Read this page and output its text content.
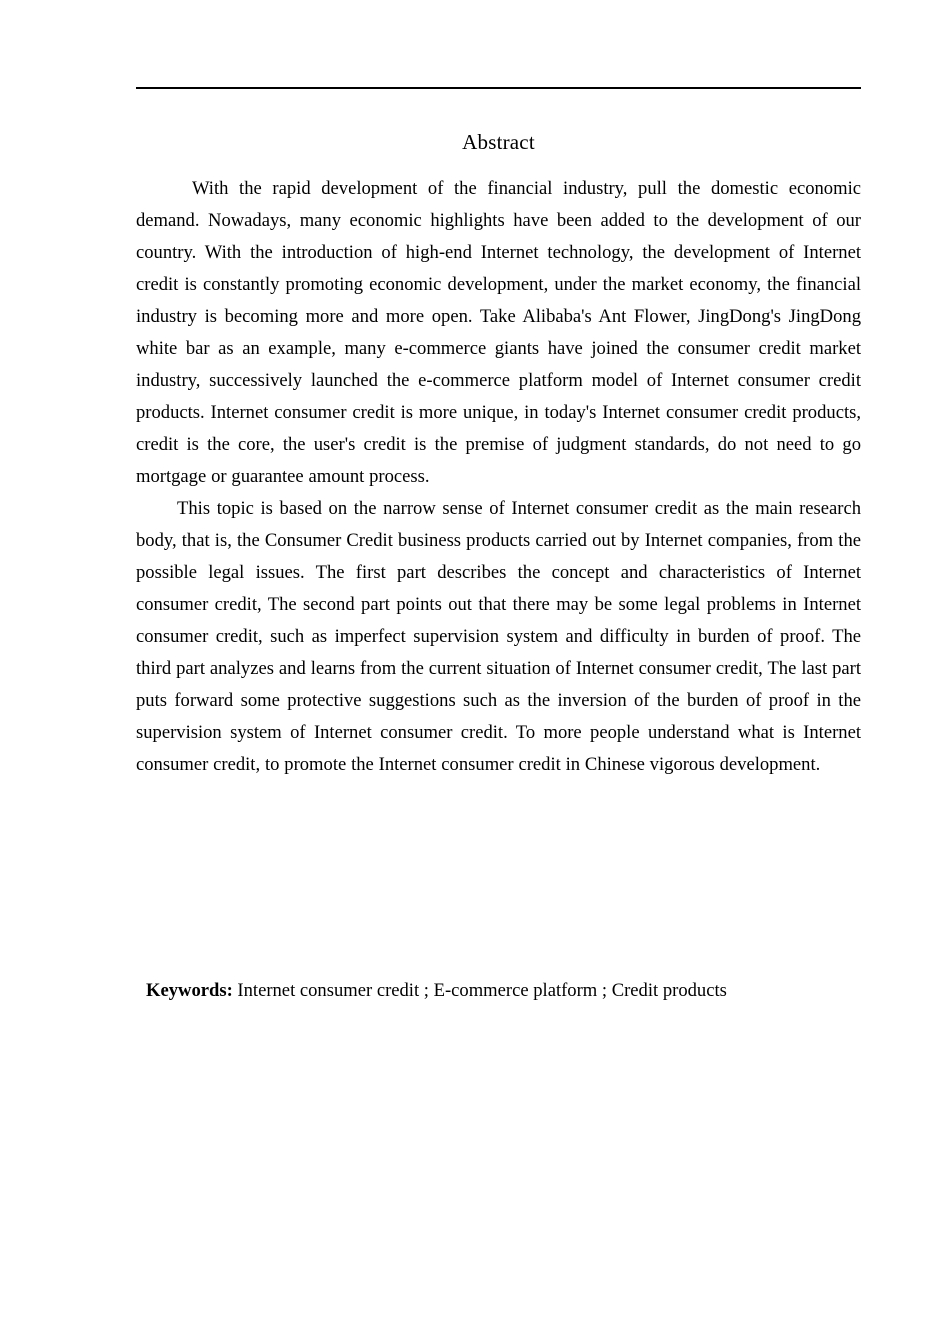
Abstract

With the rapid development of the financial industry, pull the domestic economic demand. Nowadays, many economic highlights have been added to the development of our country. With the introduction of high-end Internet technology, the development of Internet credit is constantly promoting economic development, under the market economy, the financial industry is becoming more and more open. Take Alibaba's Ant Flower, JingDong's JingDong white bar as an example, many e-commerce giants have joined the consumer credit market industry, successively launched the e-commerce platform model of Internet consumer credit products. Internet consumer credit is more unique, in today's Internet consumer credit products, credit is the core, the user's credit is the premise of judgment standards, do not need to go mortgage or guarantee amount process.

This topic is based on the narrow sense of Internet consumer credit as the main research body, that is, the Consumer Credit business products carried out by Internet companies, from the possible legal issues. The first part describes the concept and characteristics of Internet consumer credit, The second part points out that there may be some legal problems in Internet consumer credit, such as imperfect supervision system and difficulty in burden of proof. The third part analyzes and learns from the current situation of Internet consumer credit, The last part puts forward some protective suggestions such as the inversion of the burden of proof in the supervision system of Internet consumer credit. To more people understand what is Internet consumer credit, to promote the Internet consumer credit in Chinese vigorous development.

Keywords: Internet consumer credit ; E-commerce platform ; Credit products
